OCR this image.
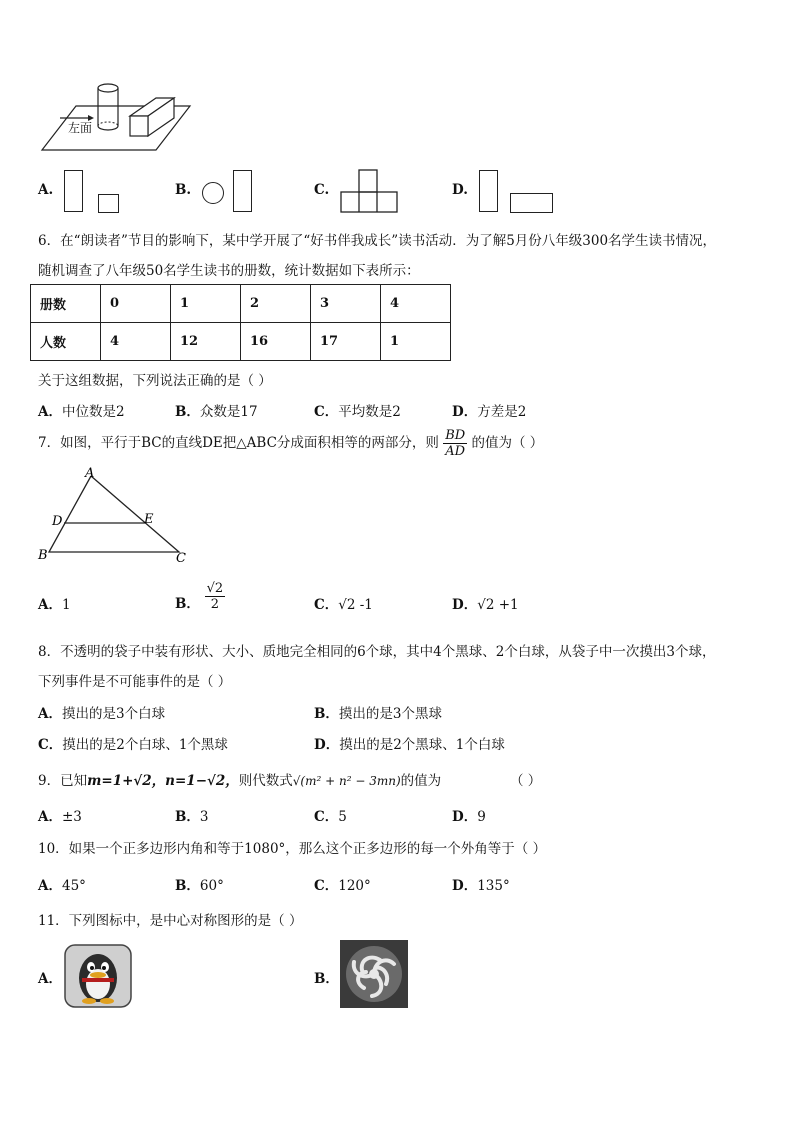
左面
A.	B.	C.	D.
6．在“朗读者”节目的影响下，某中学开展了“好书伴我成长”读书活动．为了解5月份八年级300名学生读书情况，
随机调查了八年级50名学生读书的册数，统计数据如下表所示：
册数	0	1	2	3	4
人数	4	12	16	17	1
关于这组数据，下列说法正确的是（ ）
A．中位数是2	B．众数是17	C．平均数是2	D．方差是2
7．如图，平行于BC的直线DE把△ABC分成面积相等的两部分，则 $\frac{BD}{AD}$ 的值为（ ）
A
D	E
B	C
A．1	B． $\frac{√2}{2}$	C．√2 -1	D．√2 +1
8．不透明的袋子中装有形状、大小、质地完全相同的6个球，其中4个黑球、2个白球，从袋子中一次摸出3个球，
下列事件是不可能事件的是（ ）
A．摸出的是3个白球	B．摸出的是3个黑球
C．摸出的是2个白球、1个黑球	D．摸出的是2个黑球、1个白球
9．已知m=1+√2，n=1−√2，则代数式√(m² + n² − 3mn)的值为	（ ）
A．±3	B．3	C．5	D．9
10．如果一个正多边形内角和等于1080°，那么这个正多边形的每一个外角等于（ ）
A．45°	B．60°	C．120°	D．135°
11．下列图标中，是中心对称图形的是（ ）
A．	B．
